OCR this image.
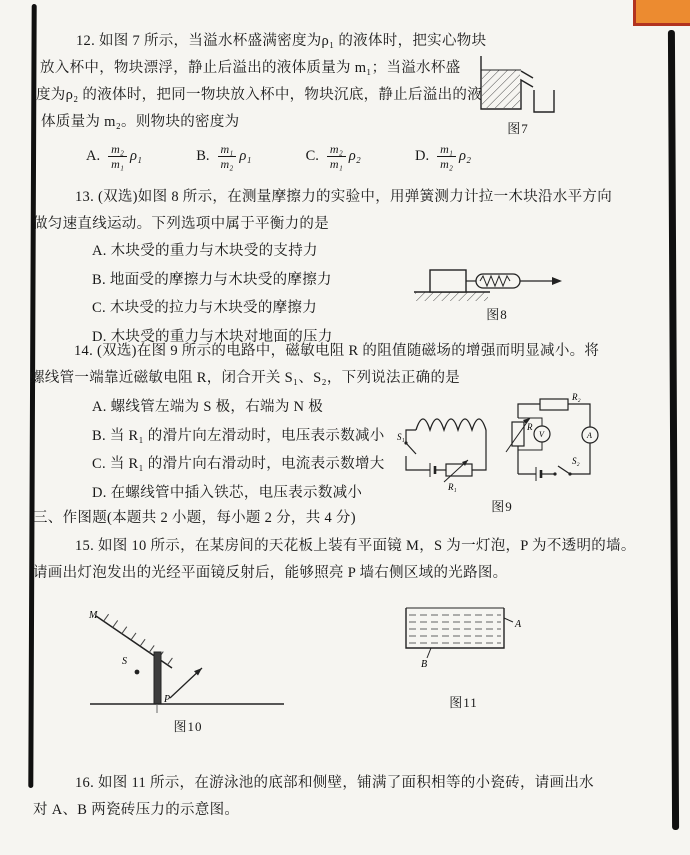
12. 如图 7 所示，当溢水杯盛满密度为ρ₁ 的液体时，把实心物块
放入杯中，物块漂浮，静止后溢出的液体质量为 m₁；当溢水杯盛
度为ρ₂ 的液体时，把同一物块放入杯中，物块沉底，静止后溢出的液
体质量为 m₂。则物块的密度为	图7
A. $\frac{\text{m₂}}{\text{m₁}} \rho_1$	B. $\frac{\text{m₁}}{\text{m₂}} \rho_1$	C. $\frac{\text{m₂}}{\text{m₁}} \rho_2$	D. $\frac{\text{m₁}}{\text{m₂}} \rho_2$
13. (双选)如图 8 所示，在测量摩擦力的实验中，用弹簧测力计拉一木块沿水平方向
做匀速直线运动。下列选项中属于平衡力的是
A. 木块受的重力与木块受的支持力
B. 地面受的摩擦力与木块受的摩擦力
C. 木块受的拉力与木块受的摩擦力
D. 木块受的重力与木块对地面的压力
图8
14. (双选)在图 9 所示的电路中，磁敏电阻 R 的阻值随磁场的增强而明显减小。将
螺线管一端靠近磁敏电阻 R，闭合开关 S₁、S₂，下列说法正确的是
A. 螺线管左端为 S 极，右端为 N 极
B. 当 R₁ 的滑片向左滑动时，电压表示数减小
C. 当 R₁ 的滑片向右滑动时，电流表示数增大
D. 在螺线管中插入铁芯，电压表示数减小
S₁
R₁
R₂
R
V	A
S₂
图9
三、作图题(本题共 2 小题，每小题 2 分，共 4 分)
15. 如图 10 所示，在某房间的天花板上装有平面镜 M，S 为一灯泡，P 为不透明的墙。
请画出灯泡发出的光经平面镜反射后，能够照亮 P 墙右侧区域的光路图。
M
S
P
图10
A
B
图11
16. 如图 11 所示，在游泳池的底部和侧壁，铺满了面积相等的小瓷砖，请画出水
对 A、B 两瓷砖压力的示意图。
